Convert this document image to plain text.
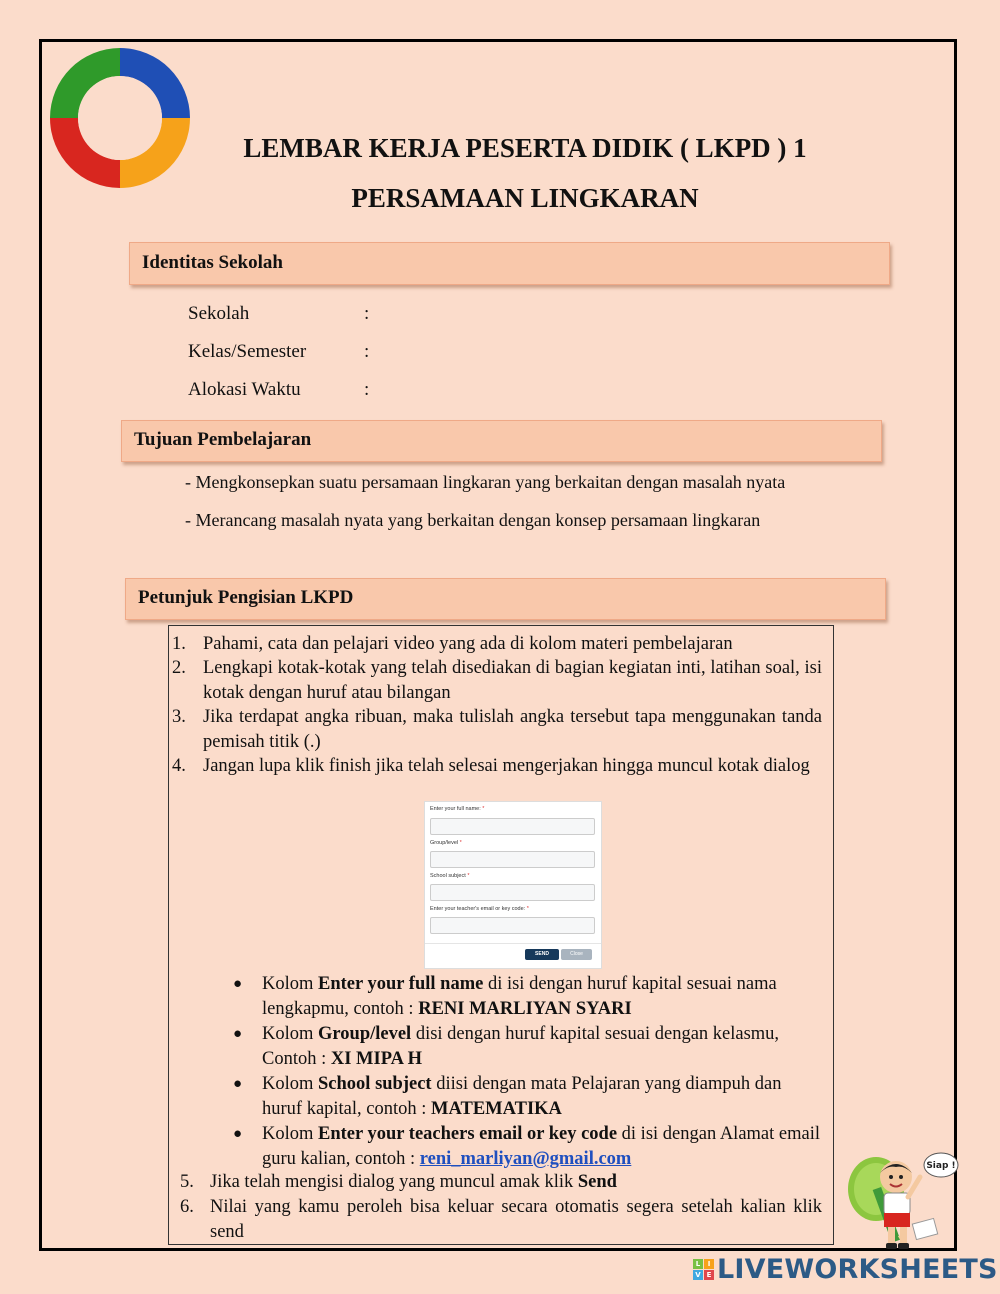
LEMBAR KERJA PESERTA DIDIK ( LKPD ) 1
PERSAMAAN LINGKARAN
Identitas Sekolah
Sekolah	:
Kelas/Semester	:
Alokasi Waktu	:
Tujuan Pembelajaran
- Mengkonsepkan suatu persamaan lingkaran yang berkaitan dengan masalah nyata
- Merancang masalah nyata yang berkaitan dengan konsep persamaan lingkaran
Petunjuk Pengisian LKPD
1. Pahami, cata dan pelajari video yang ada di kolom materi pembelajaran
2. Lengkapi kotak-kotak yang telah disediakan di bagian kegiatan inti, latihan soal, isi kotak dengan huruf atau bilangan
3. Jika terdapat angka ribuan, maka tulislah angka tersebut tapa menggunakan tanda pemisah titik (.)
4. Jangan lupa klik finish jika telah selesai mengerjakan hingga muncul kotak dialog
Enter your full name: *
Group/level *
School subject *
Enter your teacher's email or key code: *
SEND	Close
● Kolom Enter your full name di isi dengan huruf kapital sesuai nama lengkapmu, contoh : RENI MARLIYAN SYARI
● Kolom Group/level disi dengan huruf kapital sesuai dengan kelasmu, Contoh : XI MIPA H
● Kolom School subject diisi dengan mata Pelajaran yang diampuh dan huruf kapital, contoh : MATEMATIKA
● Kolom Enter your teachers email or key code di isi dengan Alamat email guru kalian, contoh : reni_marliyan@gmail.com
5. Jika telah mengisi dialog yang muncul amak klik Send
6. Nilai yang kamu peroleh bisa keluar secara otomatis segera setelah kalian klik send
Siap !
L	I
V E LIVEWORKSHEETS
